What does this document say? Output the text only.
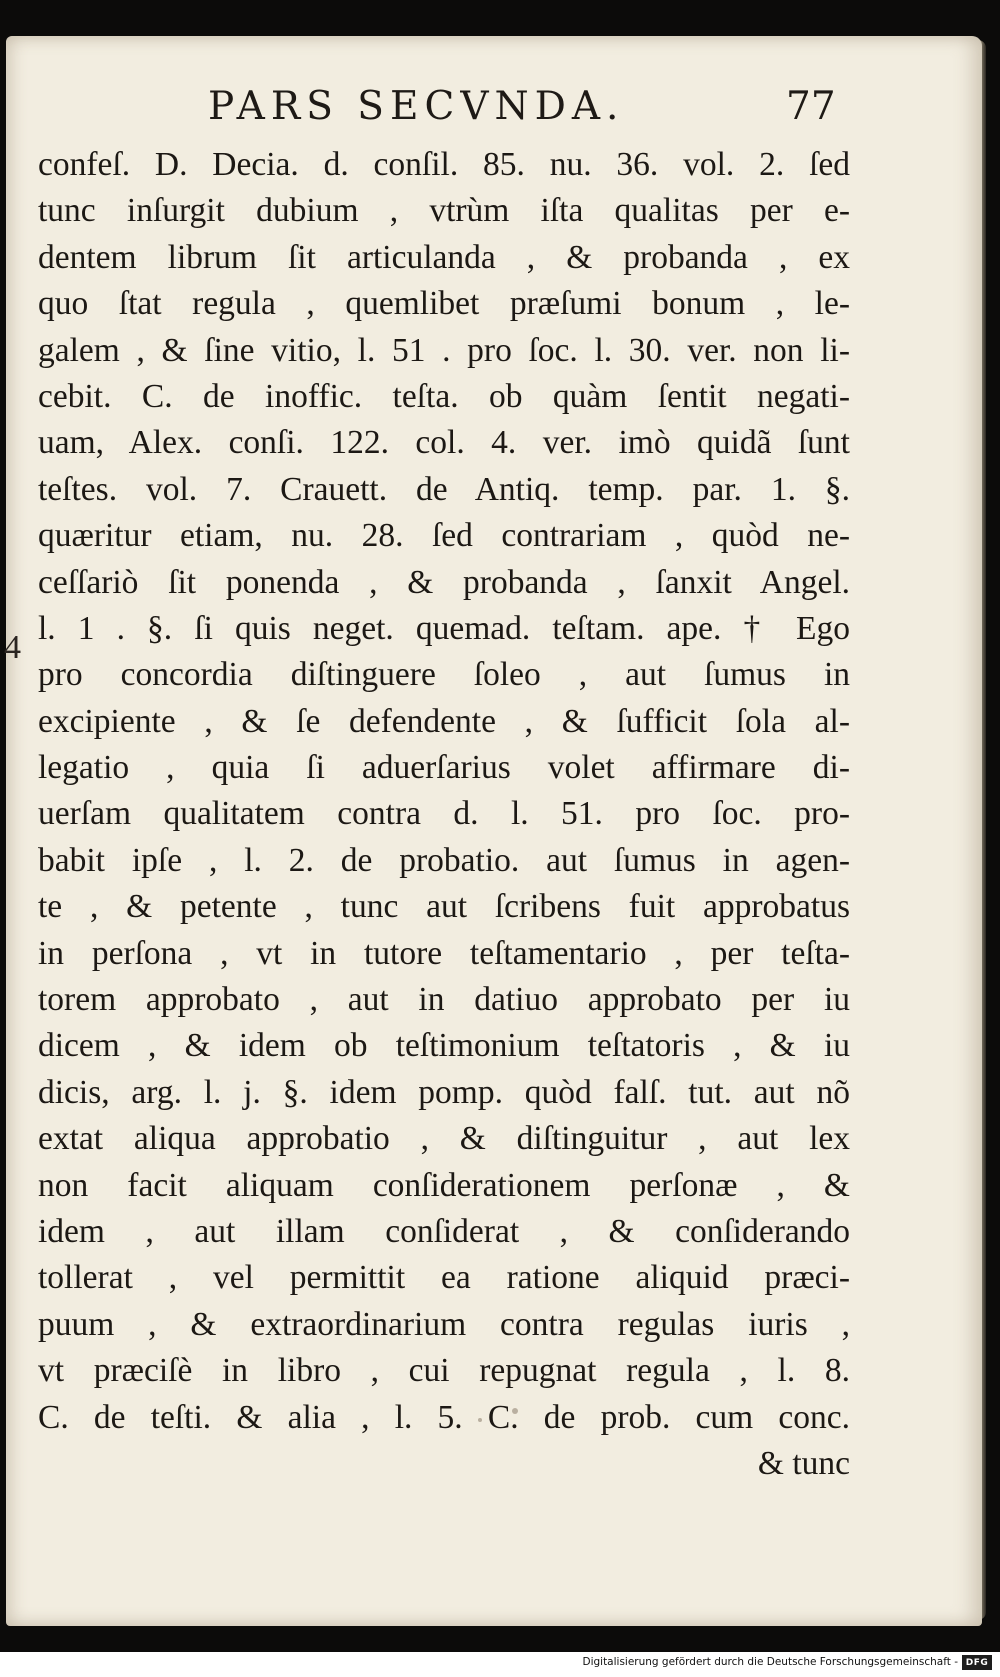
PARS SECVNDA.	77
4
confeſ. D. Decia. d. conſil. 85. nu. 36. vol. 2. ſed
tunc inſurgit dubium , vtrùm iſta qualitas per e-
dentem librum ſit articulanda , & probanda , ex
quo ſtat regula , quemlibet præſumi bonum , le-
galem , & ſine vitio, l. 51 . pro ſoc. l. 30. ver. non li-
cebit. C. de inoffic. teſta. ob quàm ſentit negati-
uam, Alex. conſi. 122. col. 4. ver. imò quidã ſunt
teſtes. vol. 7. Crauett. de Antiq. temp. par. 1. §.
quæritur etiam, nu. 28. ſed contrariam , quòd ne-
ceſſariò ſit ponenda , & probanda , ſanxit Angel.
l. 1 . §. ſi quis neget. quemad. teſtam. ape. † Ego
pro concordia diſtinguere ſoleo , aut ſumus in
excipiente , & ſe defendente , & ſufficit ſola al-
legatio , quia ſi aduerſarius volet affirmare di-
uerſam qualitatem contra d. l. 51. pro ſoc. pro-
babit ipſe , l. 2. de probatio. aut ſumus in agen-
te , & petente , tunc aut ſcribens fuit approbatus
in perſona , vt in tutore teſtamentario , per teſta-
torem approbato , aut in datiuo approbato per iu
dicem , & idem ob teſtimonium teſtatoris , & iu
dicis, arg. l. j. §. idem pomp. quòd falſ. tut. aut nõ
extat aliqua approbatio , & diſtinguitur , aut lex
non facit aliquam conſiderationem perſonæ , &
idem , aut illam conſiderat , & conſiderando
tollerat , vel permittit ea ratione aliquid præci-
puum , & extraordinarium contra regulas iuris ,
vt præciſè in libro , cui repugnat regula , l. 8.
C. de teſti. & alia , l. 5. C. de prob. cum conc.
& tunc
Digitalisierung gefördert durch die Deutsche Forschungsgemeinschaft - DFG
